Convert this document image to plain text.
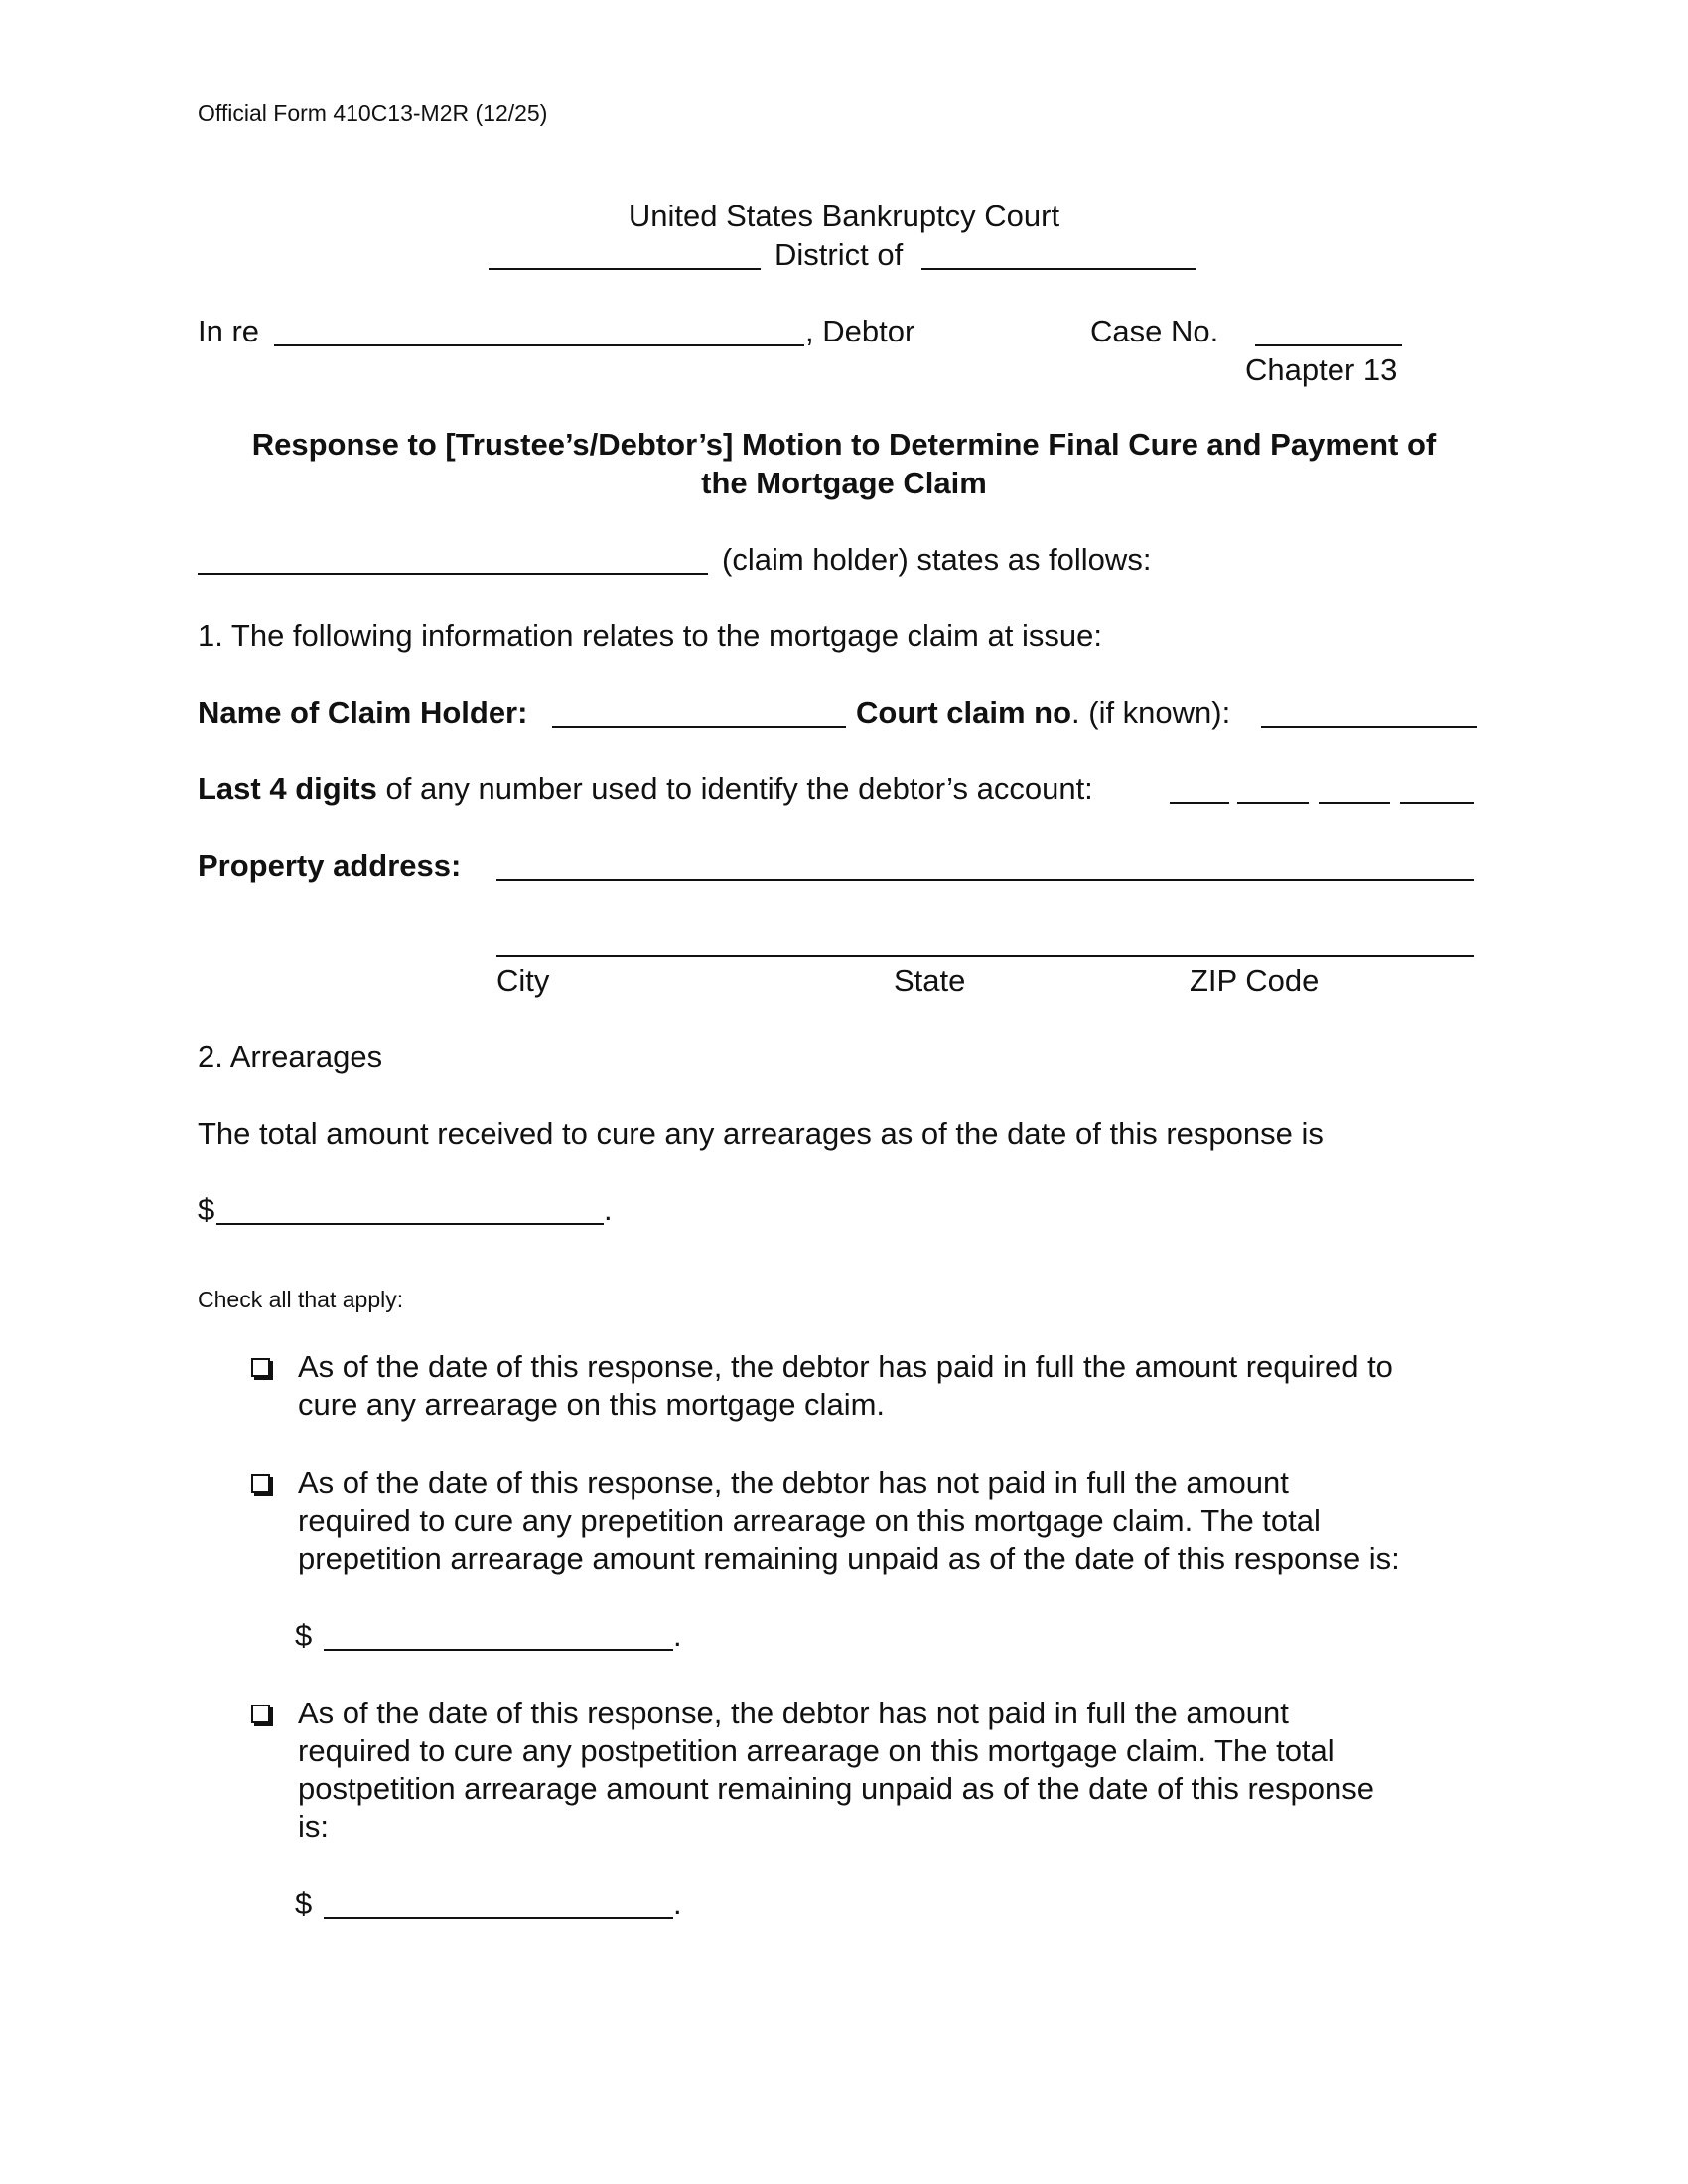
Official Form 410C13-M2R (12/25)
United States Bankruptcy Court
District of
In re	, Debtor	Case No.
Chapter 13
Response to [Trustee’s/Debtor’s] Motion to Determine Final Cure and Payment of
the Mortgage Claim
(claim holder) states as follows:
1. The following information relates to the mortgage claim at issue:
Name of Claim Holder:	Court claim no. (if known):
Last 4 digits of any number used to identify the debtor’s account:
Property address:
City	State	ZIP Code
2. Arrearages
The total amount received to cure any arrearages as of the date of this response is
$	.
Check all that apply:
As of the date of this response, the debtor has paid in full the amount required to
cure any arrearage on this mortgage claim.
As of the date of this response, the debtor has not paid in full the amount
required to cure any prepetition arrearage on this mortgage claim. The total
prepetition arrearage amount remaining unpaid as of the date of this response is:
$	.
As of the date of this response, the debtor has not paid in full the amount
required to cure any postpetition arrearage on this mortgage claim. The total
postpetition arrearage amount remaining unpaid as of the date of this response
is:
$	.
